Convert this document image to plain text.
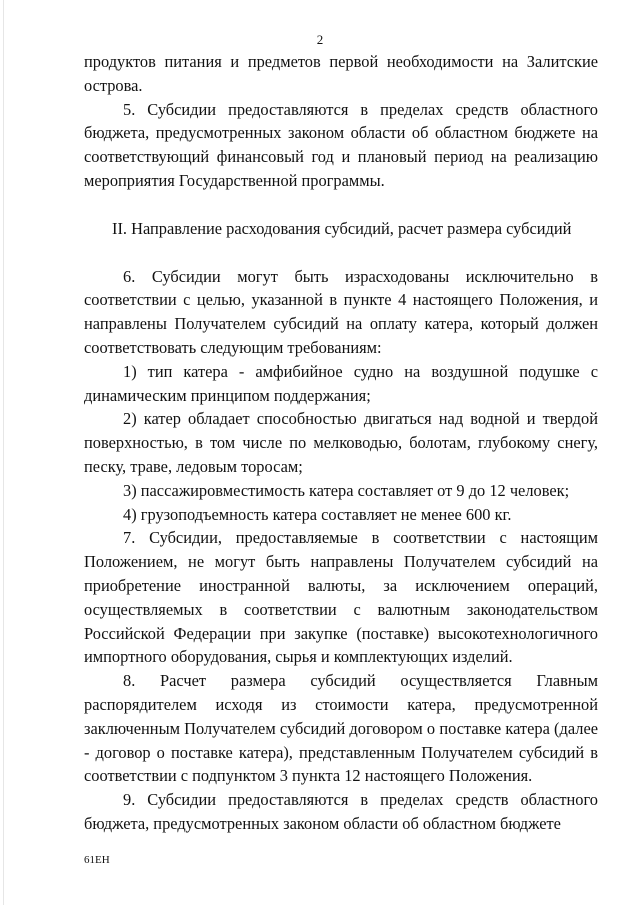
2

продуктов питания и предметов первой необходимости на Залитские острова.

5. Субсидии предоставляются в пределах средств областного бюджета, предусмотренных законом области об областном бюджете на соответствующий финансовый год и плановый период на реализацию мероприятия Государственной программы.

II. Направление расходования субсидий, расчет размера субсидий

6. Субсидии могут быть израсходованы исключительно в соответствии с целью, указанной в пункте 4 настоящего Положения, и направлены Получателем субсидий на оплату катера, который должен соответствовать следующим требованиям:

1) тип катера - амфибийное судно на воздушной подушке с динамическим принципом поддержания;

2) катер обладает способностью двигаться над водной и твердой поверхностью, в том числе по мелководью, болотам, глубокому снегу, песку, траве, ледовым торосам;

3) пассажировместимость катера составляет от 9 до 12 человек;

4) грузоподъемность катера составляет не менее 600 кг.

7. Субсидии, предоставляемые в соответствии с настоящим Положением, не могут быть направлены Получателем субсидий на приобретение иностранной валюты, за исключением операций, осуществляемых в соответствии с валютным законодательством Российской Федерации при закупке (поставке) высокотехнологичного импортного оборудования, сырья и комплектующих изделий.

8. Расчет размера субсидий осуществляется Главным распорядителем исходя из стоимости катера, предусмотренной заключенным Получателем субсидий договором о поставке катера (далее - договор о поставке катера), представленным Получателем субсидий в соответствии с подпунктом 3 пункта 12 настоящего Положения.

9. Субсидии предоставляются в пределах средств областного бюджета, предусмотренных законом области об областном бюджете

61EH
